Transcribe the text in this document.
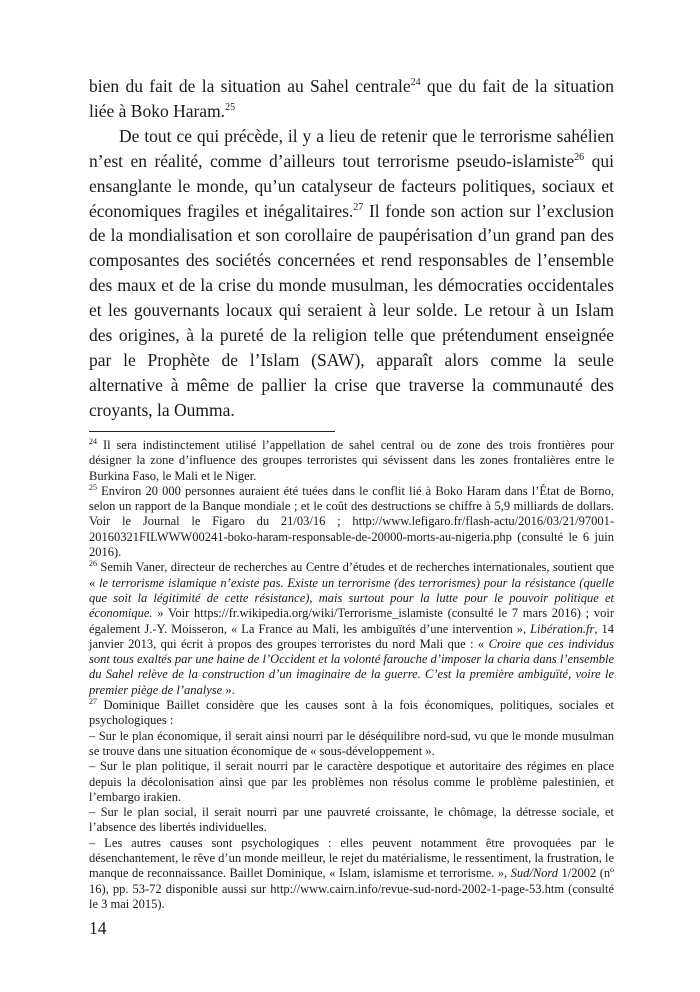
bien du fait de la situation au Sahel centrale$^{24}$ que du fait de la situation liée à Boko Haram.$^{25}$

De tout ce qui précède, il y a lieu de retenir que le terrorisme sahélien n’est en réalité, comme d’ailleurs tout terrorisme pseudo-islamiste$^{26}$ qui ensanglante le monde, qu’un catalyseur de facteurs politiques, sociaux et économiques fragiles et inégalitaires.$^{27}$ Il fonde son action sur l’exclusion de la mondialisation et son corollaire de paupérisation d’un grand pan des composantes des sociétés concernées et rend responsables de l’ensemble des maux et de la crise du monde musulman, les démocraties occidentales et les gouvernants locaux qui seraient à leur solde. Le retour à un Islam des origines, à la pureté de la religion telle que prétendument enseignée par le Prophète de l’Islam (SAW), apparaît alors comme la seule alternative à même de pallier la crise que traverse la communauté des croyants, la Oumma.

$^{24}$ Il sera indistinctement utilisé l’appellation de sahel central ou de zone des trois frontières pour désigner la zone d’influence des groupes terroristes qui sévissent dans les zones frontalières entre le Burkina Faso, le Mali et le Niger.

$^{25}$ Environ 20 000 personnes auraient été tuées dans le conflit lié à Boko Haram dans l’État de Borno, selon un rapport de la Banque mondiale ; et le coût des destructions se chiffre à 5,9 milliards de dollars. Voir le Journal le Figaro du 21/03/16 ; http://www.lefigaro.fr/flash-actu/2016/03/21/97001-20160321FILWWW00241-boko-haram-responsable-de-20000-morts-au-nigeria.php (consulté le 6 juin 2016).

$^{26}$ Semih Vaner, directeur de recherches au Centre d’études et de recherches internationales, soutient que « le terrorisme islamique n’existe pas. Existe un terrorisme (des terrorismes) pour la résistance (quelle que soit la légitimité de cette résistance), mais surtout pour la lutte pour le pouvoir politique et économique. » Voir https://fr.wikipedia.org/wiki/Terrorisme_islamiste (consulté le 7 mars 2016) ; voir également J.-Y. Moisseron, « La France au Mali, les ambiguïtés d’une intervention », Libération.fr, 14 janvier 2013, qui écrit à propos des groupes terroristes du nord Mali que : « Croire que ces individus sont tous exaltés par une haine de l’Occident et la volonté farouche d’imposer la charia dans l’ensemble du Sahel relève de la construction d’un imaginaire de la guerre. C’est la première ambiguïté, voire le premier piège de l’analyse ».

$^{27}$ Dominique Baillet considère que les causes sont à la fois économiques, politiques, sociales et psychologiques :

– Sur le plan économique, il serait ainsi nourri par le déséquilibre nord-sud, vu que le monde musulman se trouve dans une situation économique de « sous-développement ».

– Sur le plan politique, il serait nourri par le caractère despotique et autoritaire des régimes en place depuis la décolonisation ainsi que par les problèmes non résolus comme le problème palestinien, et l’embargo irakien.

– Sur le plan social, il serait nourri par une pauvreté croissante, le chômage, la détresse sociale, et l’absence des libertés individuelles.

– Les autres causes sont psychologiques : elles peuvent notamment être provoquées par le désenchantement, le rêve d’un monde meilleur, le rejet du matérialisme, le ressentiment, la frustration, le manque de reconnaissance. Baillet Dominique, « Islam, islamisme et terrorisme. », Sud/Nord 1/2002 (nº 16), pp. 53-72 disponible aussi sur http://www.cairn.info/revue-sud-nord-2002-1-page-53.htm (consulté le 3 mai 2015).

14
